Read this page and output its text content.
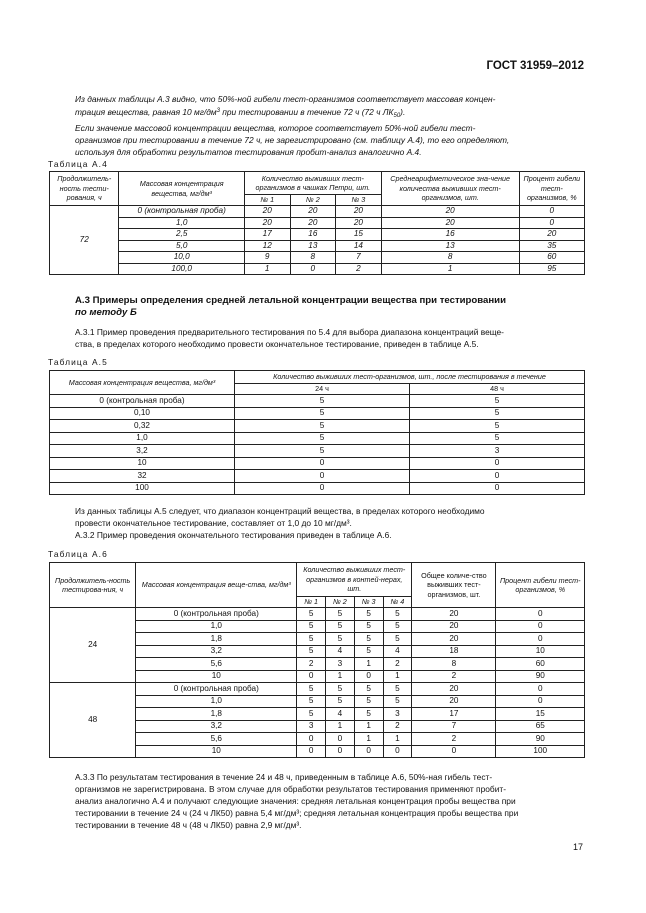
ГОСТ 31959–2012
Из данных таблицы А.3 видно, что 50%-ной гибели тест-организмов соответствует массовая концен-
трация вещества, равная 10 $мг/дм^3$ при тестировании в течение 72 ч (72 ч $ЛК_{50}$).
Если значение массовой концентрации вещества, которое соответствует 50%-ной гибели тест-
организмов при тестировании в течение 72 ч, не зарегистрировано (см. таблицу А.4), то его определяют,
используя для обработки результатов тестирования пробит-анализ аналогично А.4.
Таблица А.4
Продолжитель-ность тести-рования, ч	Массовая концентрация вещества, мг/дм³	Количество выживших тест-организмов в чашках Петри, шт.			Среднеарифметическое зна-чение количества выживших тест-организмов, шт.	Процент гибели тест-организмов, %
		№ 1	№ 2	№ 3		
72	0 (контрольная проба)	20	20	20	20	0
	1,0	20	20	20	20	0
	2,5	17	16	15	16	20
	5,0	12	13	14	13	35
	10,0	9	8	7	8	60
	100,0	1	0	2	1	95
А.3 Примеры определения средней летальной концентрации вещества при тестировании
по методу Б
А.3.1 Пример проведения предварительного тестирования по 5.4 для выбора диапазона концентраций веще-
ства, в пределах которого необходимо провести окончательное тестирование, приведен в таблице А.5.
Таблица А.5
Массовая концентрация вещества, мг/дм³	Количество выживших тест-организмов, шт., после тестирования в течение	
	24 ч	48 ч
0 (контрольная проба)	5	5
0,10	5	5
0,32	5	5
1,0	5	5
3,2	5	3
10	0	0
32	0	0
100	0	0
Из данных таблицы А.5 следует, что диапазон концентраций вещества, в пределах которого необходимо
провести окончательное тестирование, составляет от 1,0 до 10 мг/дм³.
А.3.2 Пример проведения окончательного тестирования приведен в таблице А.6.
Таблица А.6
Продолжитель-ность тестирова-ния, ч	Массовая концентрация веще-ства, мг/дм³	Количество выживших тест-организмов в контей-нерах, шт.				Общее количе-ство выживших тест-организмов, шт.	Процент гибели тест-организмов, %
		№ 1	№ 2	№ 3	№ 4		
24	0 (контрольная проба)	5	5	5	5	20	0
	1,0	5	5	5	5	20	0
	1,8	5	5	5	5	20	0
	3,2	5	4	5	4	18	10
	5,6	2	3	1	2	8	60
	10	0	1	0	1	2	90
48	0 (контрольная проба)	5	5	5	5	20	0
	1,0	5	5	5	5	20	0
	1,8	5	4	5	3	17	15
	3,2	3	1	1	2	7	65
	5,6	0	0	1	1	2	90
	10	0	0	0	0	0	100
А.3.3 По результатам тестирования в течение 24 и 48 ч, приведенным в таблице А.6, 50%-ная гибель тест-
организмов не зарегистрирована. В этом случае для обработки результатов тестирования применяют пробит-
анализ аналогично А.4 и получают следующие значения: средняя летальная концентрация пробы вещества при
тестировании в течение 24 ч (24 ч ЛК50) равна 5,4 мг/дм³; средняя летальная концентрация пробы вещества при
тестировании в течение 48 ч (48 ч ЛК50) равна 2,9 мг/дм³.
17
